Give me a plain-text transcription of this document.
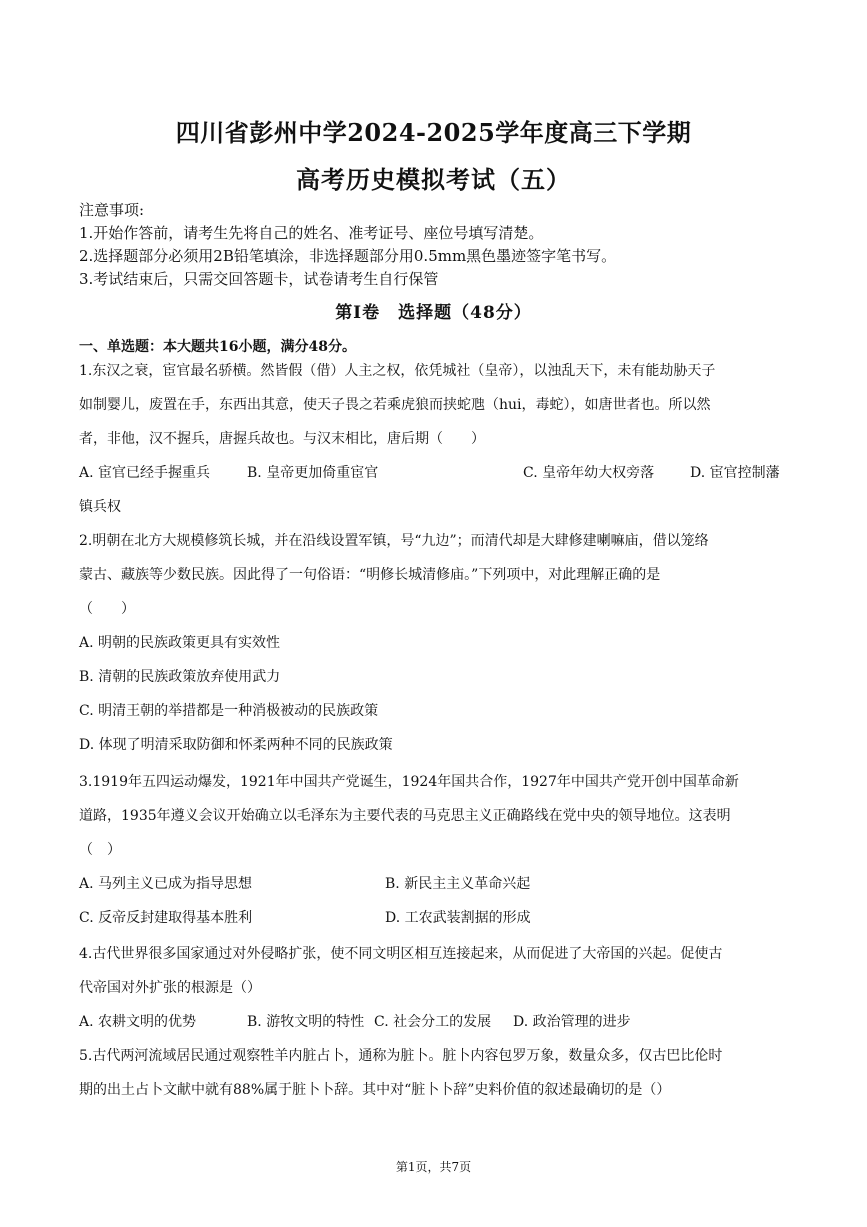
四川省彭州中学2024-2025学年度高三下学期
高考历史模拟考试（五）
注意事项:
1.开始作答前，请考生先将自己的姓名、准考证号、座位号填写清楚。
2.选择题部分必须用2B铅笔填涂，非选择题部分用0.5mm黑色墨迹签字笔书写。
3.考试结束后，只需交回答题卡，试卷请考生自行保管
第Ⅰ卷 选择题（48分）
一、单选题：本大题共16小题，满分48分。
1.东汉之衰，宦官最名骄横。然皆假（借）人主之权，依凭城社（皇帝），以浊乱天下，未有能劫胁天子
如制婴儿，废置在手，东西出其意，使天子畏之若乘虎狼而挟蛇虺（hui，毒蛇），如唐世者也。所以然
者，非他，汉不握兵，唐握兵故也。与汉末相比，唐后期（　　）
A. 宦官已经手握重兵	B. 皇帝更加倚重宦官	C. 皇帝年幼大权旁落	D. 宦官控制藩
镇兵权
2.明朝在北方大规模修筑长城，并在沿线设置军镇，号“九边”；而清代却是大肆修建喇嘛庙，借以笼络
蒙古、藏族等少数民族。因此得了一句俗语：“明修长城清修庙。”下列项中，对此理解正确的是
（　　）
A. 明朝的民族政策更具有实效性
B. 清朝的民族政策放弃使用武力
C. 明清王朝的举措都是一种消极被动的民族政策
D. 体现了明清采取防御和怀柔两种不同的民族政策
3.1919年五四运动爆发，1921年中国共产党诞生，1924年国共合作，1927年中国共产党开创中国革命新
道路，1935年遵义会议开始确立以毛泽东为主要代表的马克思主义正确路线在党中央的领导地位。这表明
（　）
A. 马列主义已成为指导思想	B. 新民主主义革命兴起
C. 反帝反封建取得基本胜利	D. 工农武装割据的形成
4.古代世界很多国家通过对外侵略扩张，使不同文明区相互连接起来，从而促进了大帝国的兴起。促使古
代帝国对外扩张的根源是（）
A. 农耕文明的优势	B. 游牧文明的特性 C. 社会分工的发展 D. 政治管理的进步
5.古代两河流域居民通过观察牲羊内脏占卜，通称为脏卜。脏卜内容包罗万象，数量众多，仅古巴比伦时
期的出土占卜文献中就有88%属于脏卜卜辞。其中对“脏卜卜辞”史料价值的叙述最确切的是（）
第1页，共7页
